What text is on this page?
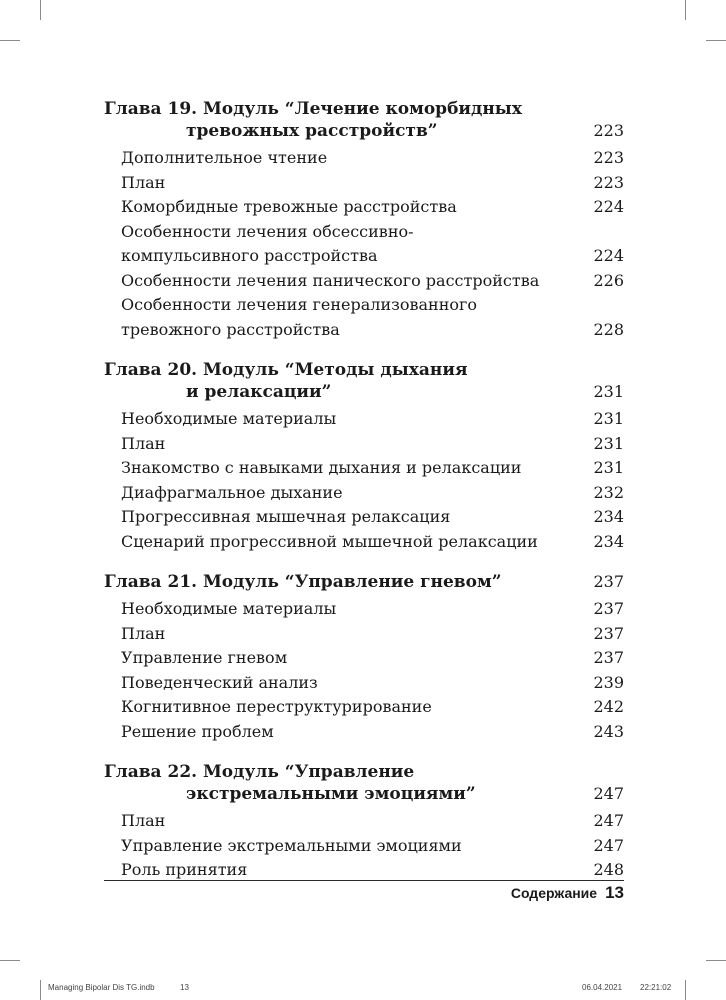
Глава 19. Модуль “Лечение коморбидных
тревожных расстройств”	223
Дополнительное чтение	223
План	223
Коморбидные тревожные расстройства	224
Особенности лечения обсессивно-компульсивного расстройства	224
Особенности лечения панического расстройства	226
Особенности лечения генерализованного тревожного расстройства	228
Глава 20. Модуль “Методы дыхания
и релаксации”	231
Необходимые материалы	231
План	231
Знакомство с навыками дыхания и релаксации	231
Диафрагмальное дыхание	232
Прогрессивная мышечная релаксация	234
Сценарий прогрессивной мышечной релаксации	234
Глава 21. Модуль “Управление гневом”	237
Необходимые материалы	237
План	237
Управление гневом	237
Поведенческий анализ	239
Когнитивное переструктурирование	242
Решение проблем	243
Глава 22. Модуль “Управление
экстремальными эмоциями”	247
План	247
Управление экстремальными эмоциями	247
Роль принятия	248
Содержание 13
Managing Bipolar Dis TG.indb	13	06.04.2021 22:21:02
